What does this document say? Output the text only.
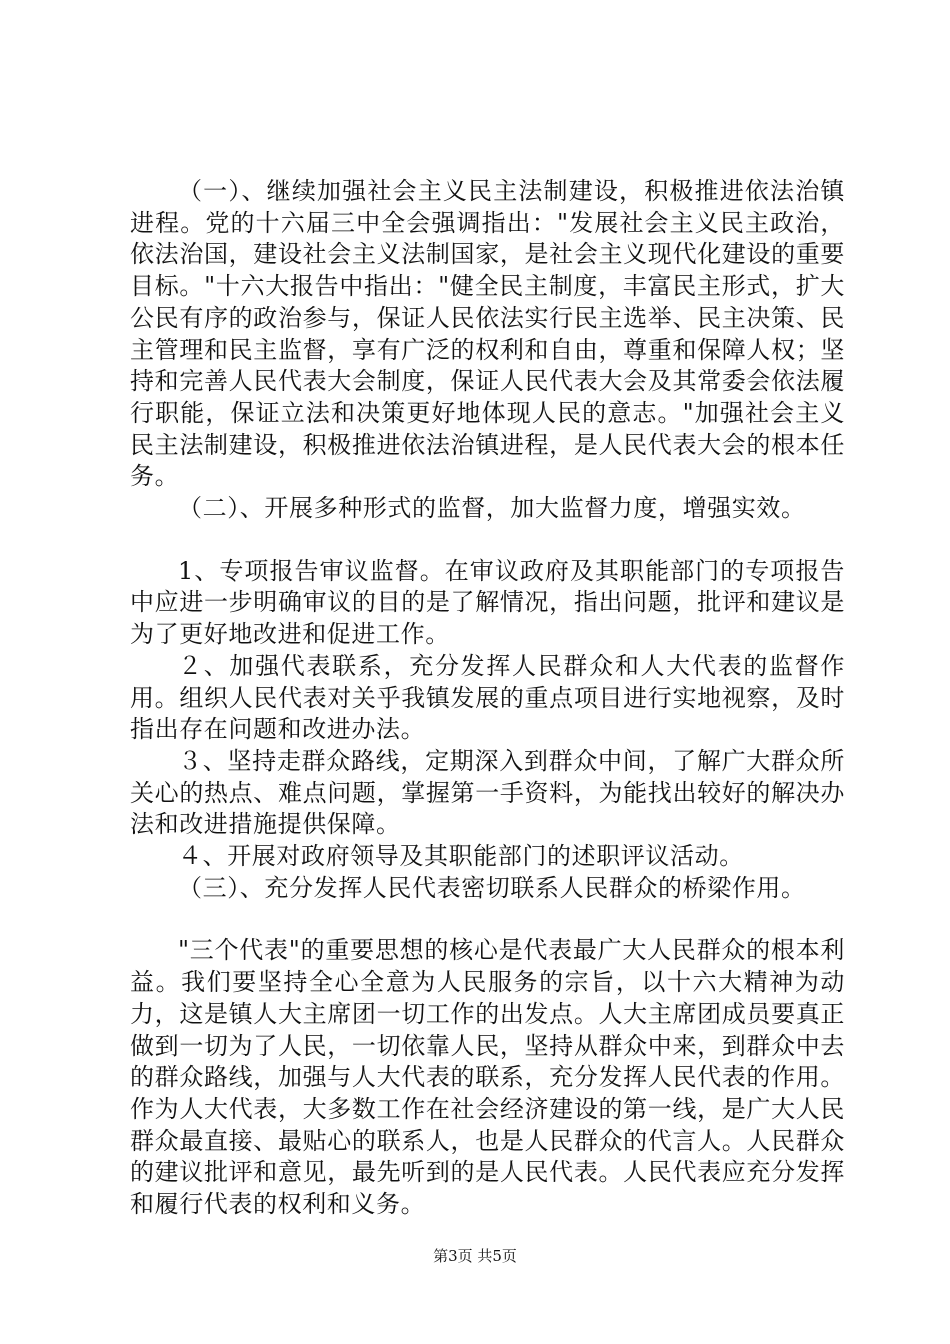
（一）、继续加强社会主义民主法制建设，积极推进依法治镇进程。党的十六届三中全会强调指出："发展社会主义民主政治，依法治国，建设社会主义法制国家，是社会主义现代化建设的重要目标。"十六大报告中指出："健全民主制度，丰富民主形式，扩大公民有序的政治参与，保证人民依法实行民主选举、民主决策、民主管理和民主监督，享有广泛的权利和自由，尊重和保障人权；坚持和完善人民代表大会制度，保证人民代表大会及其常委会依法履行职能，保证立法和决策更好地体现人民的意志。"加强社会主义民主法制建设，积极推进依法治镇进程，是人民代表大会的根本任务。

（二）、开展多种形式的监督，加大监督力度，增强实效。

1、专项报告审议监督。在审议政府及其职能部门的专项报告中应进一步明确审议的目的是了解情况，指出问题，批评和建议是为了更好地改进和促进工作。

２、加强代表联系，充分发挥人民群众和人大代表的监督作用。组织人民代表对关乎我镇发展的重点项目进行实地视察，及时指出存在问题和改进办法。

３、坚持走群众路线，定期深入到群众中间，了解广大群众所关心的热点、难点问题，掌握第一手资料，为能找出较好的解决办法和改进措施提供保障。

４、开展对政府领导及其职能部门的述职评议活动。

（三）、充分发挥人民代表密切联系人民群众的桥梁作用。

"三个代表"的重要思想的核心是代表最广大人民群众的根本利益。我们要坚持全心全意为人民服务的宗旨，以十六大精神为动力，这是镇人大主席团一切工作的出发点。人大主席团成员要真正做到一切为了人民，一切依靠人民，坚持从群众中来，到群众中去的群众路线，加强与人大代表的联系，充分发挥人民代表的作用。作为人大代表，大多数工作在社会经济建设的第一线，是广大人民群众最直接、最贴心的联系人，也是人民群众的代言人。人民群众的建议批评和意见，最先听到的是人民代表。人民代表应充分发挥和履行代表的权利和义务。

第3页 共5页
